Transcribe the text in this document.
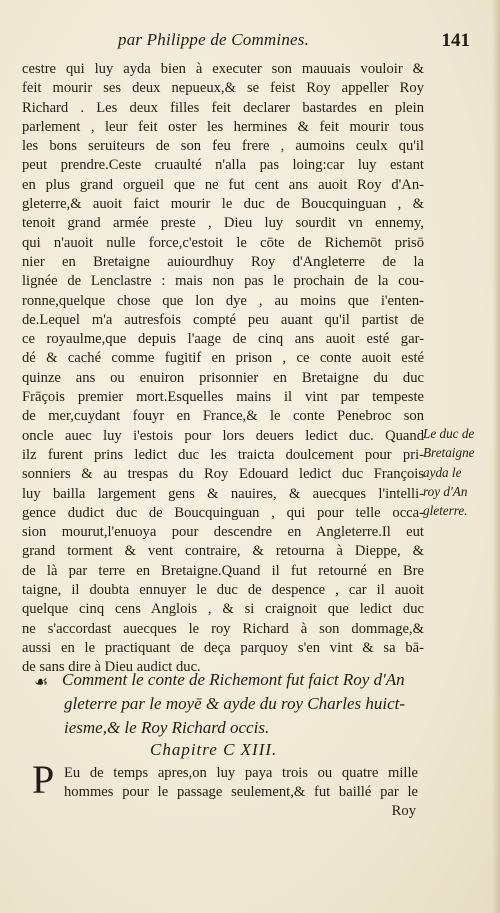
par Philippe de Commines.	141
cestre qui luy ayda bien à executer son mauuais vouloir &
feit mourir ses deux nepueux,& se feist Roy appeller Roy
Richard . Les deux filles feit declarer bastardes en plein
parlement , leur feit oster les hermines & feit mourir tous
les bons seruiteurs de son feu frere , aumoins ceulx qu'il
peut prendre.Ceste cruaulté n'alla pas loing:car luy estant
en plus grand orgueil que ne fut cent ans auoit Roy d'An-
gleterre,& auoit faict mourir le duc de Boucquinguan , &
tenoit grand armée preste , Dieu luy sourdit vn ennemy,
qui n'auoit nulle force,c'estoit le cōte de Richemōt prisō
nier en Bretaigne auiourdhuy Roy d'Angleterre de la
lignée de Lenclastre : mais non pas le prochain de la cou-
ronne,quelque chose que lon dye , au moins que i'enten-
de.Lequel m'a autresfois compté peu auant qu'il partist de
ce royaulme,que depuis l'aage de cinq ans auoit esté gar-
dé & caché comme fugitif en prison , ce conte auoit esté
quinze ans ou enuiron prisonnier en Bretaigne du duc
Frāçois premier mort.Esquelles mains il vint par tempeste
de mer,cuydant fouyr en France,& le conte Penebroc son
oncle auec luy i'estois pour lors deuers ledict duc. Quand
ilz furent prins ledict duc les traicta doulcement pour pri-
sonniers & au trespas du Roy Edouard ledict duc François
luy bailla largement gens & nauires, & auecques l'intelli-
gence dudict duc de Boucquinguan , qui pour telle occa-
sion mourut,l'enuoya pour descendre en Angleterre.Il eut
grand torment & vent contraire, & retourna à Dieppe, &
de là par terre en Bretaigne.Quand il fut retourné en Bre
taigne, il doubta ennuyer le duc de despence , car il auoit
quelque cinq cens Anglois , & si craignoit que ledict duc
ne s'accordast auecques le roy Richard à son dommage,&
aussi en le practiquant de deça parquoy s'en vint & sa bā-
de sans dire à Dieu audict duc.
Le duc de
Bretaigne
ayda le
roy d'An
gleterre.
☙ Comment le conte de Richemont fut faict Roy d'An
gleterre par le moyē & ayde du roy Charles huict-
iesme,& le Roy Richard occis.
Chapitre C XIII.
P Eu de temps apres,on luy paya trois ou quatre mille
hommes pour le passage seulement,& fut baillé par le
Roy
